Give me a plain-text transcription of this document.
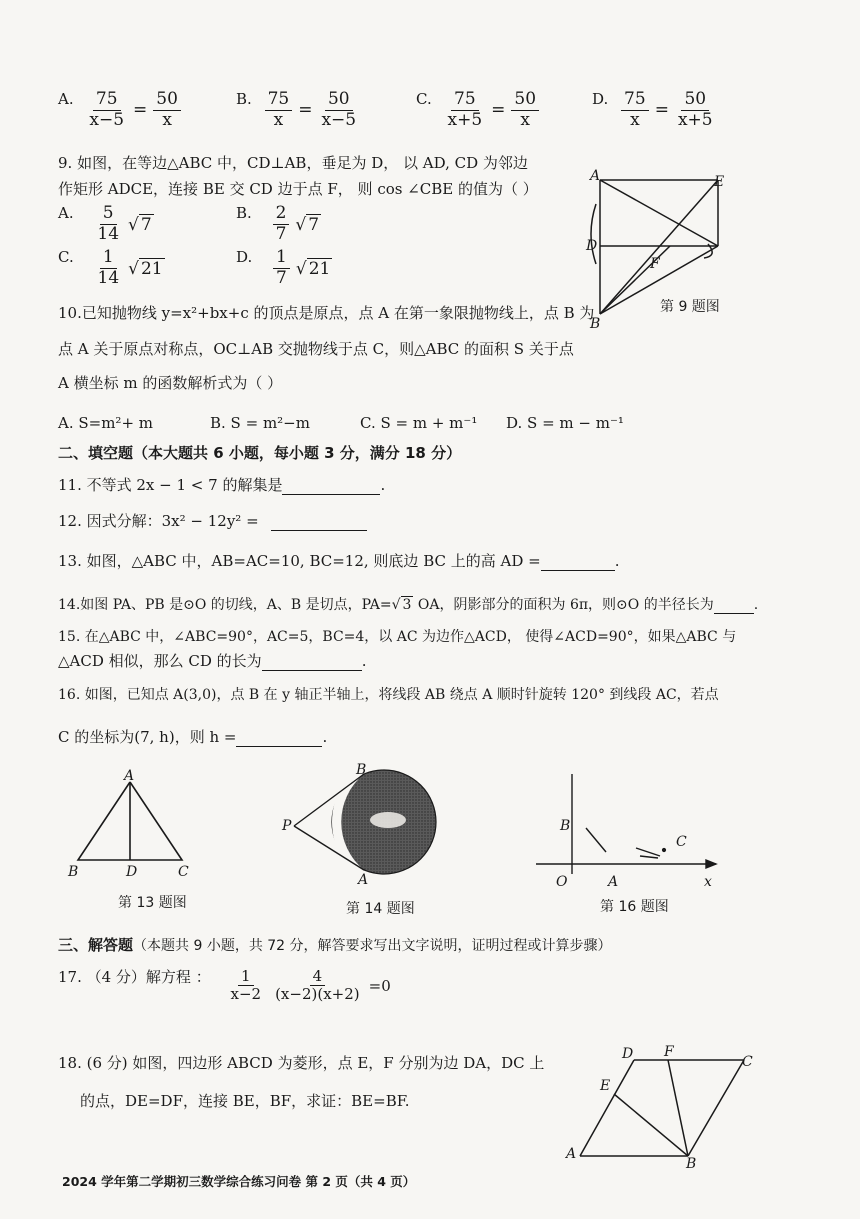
A. $\frac{75}{x-5} = \frac{50}{x}$	B. $\frac{75}{x} = \frac{50}{x-5}$	C. $\frac{75}{x+5} = \frac{50}{x}$	D. $\frac{75}{x} = \frac{50}{x+5}$
9. 如图，在等边△ABC 中，CD⊥AB，垂足为 D， 以 AD, CD 为邻边
作矩形 ADCE，连接 BE 交 CD 边于点 F， 则 cos ∠CBE 的值为（ ）
A. $\frac{5}{14}$ √ 7
B. $\frac{2}{7}$ √ 7
C. $\frac{1}{14}$ √ 21
D. $\frac{1}{7}$ √ 21
A	E
D
F
B
第 9 题图
10.已知抛物线 y=x²+bx+c 的顶点是原点，点 A 在第一象限抛物线上，点 B 为
点 A 关于原点对称点，OC⊥AB 交抛物线于点 C，则△ABC 的面积 S 关于点
A 横坐标 m 的函数解析式为（ ）
A. S=m²+ m	B. S = m²−m	C. S = m + m⁻¹ D. S = m − m⁻¹
二、填空题（本大题共 6 小题，每小题 3 分，满分 18 分）
11. 不等式 2x − 1 < 7 的解集是	.
12. 因式分解：3x² − 12y² =
13. 如图，△ABC 中，AB=AC=10, BC=12, 则底边 BC 上的高 AD =	.
14.如图 PA、PB 是⊙O 的切线，A、B 是切点，PA= √ 3 OA，阴影部分的面积为 6π，则⊙O 的半径长为	.
15. 在△ABC 中，∠ABC=90°，AC=5，BC=4，以 AC 为边作△ACD， 使得∠ACD=90°，如果△ABC 与
△ACD 相似，那么 CD 的长为	.
16. 如图，已知点 A(3,0)，点 B 在 y 轴正半轴上，将线段 AB 绕点 A 顺时针旋转 120° 到线段 AC，若点
C 的坐标为(7, h)，则 h =	.
A
B	D	C
第 13 题图
B
P
A
第 14 题图
B
O	A
C
x
第 16 题图
三、解答题（本题共 9 小题，共 72 分，解答要求写出文字说明，证明过程或计算步骤）
17. （4 分）解方程 ： $\frac{1}{x-2} \frac{4}{(x-2)(x+2)} =0$
18. (6 分) 如图，四边形 ABCD 为菱形，点 E，F 分别为边 DA，DC 上
的点，DE=DF，连接 BE，BF，求证：BE=BF.
D F
C
E
A
B
2024 学年第二学期初三数学综合练习问卷 第 2 页（共 4 页）
